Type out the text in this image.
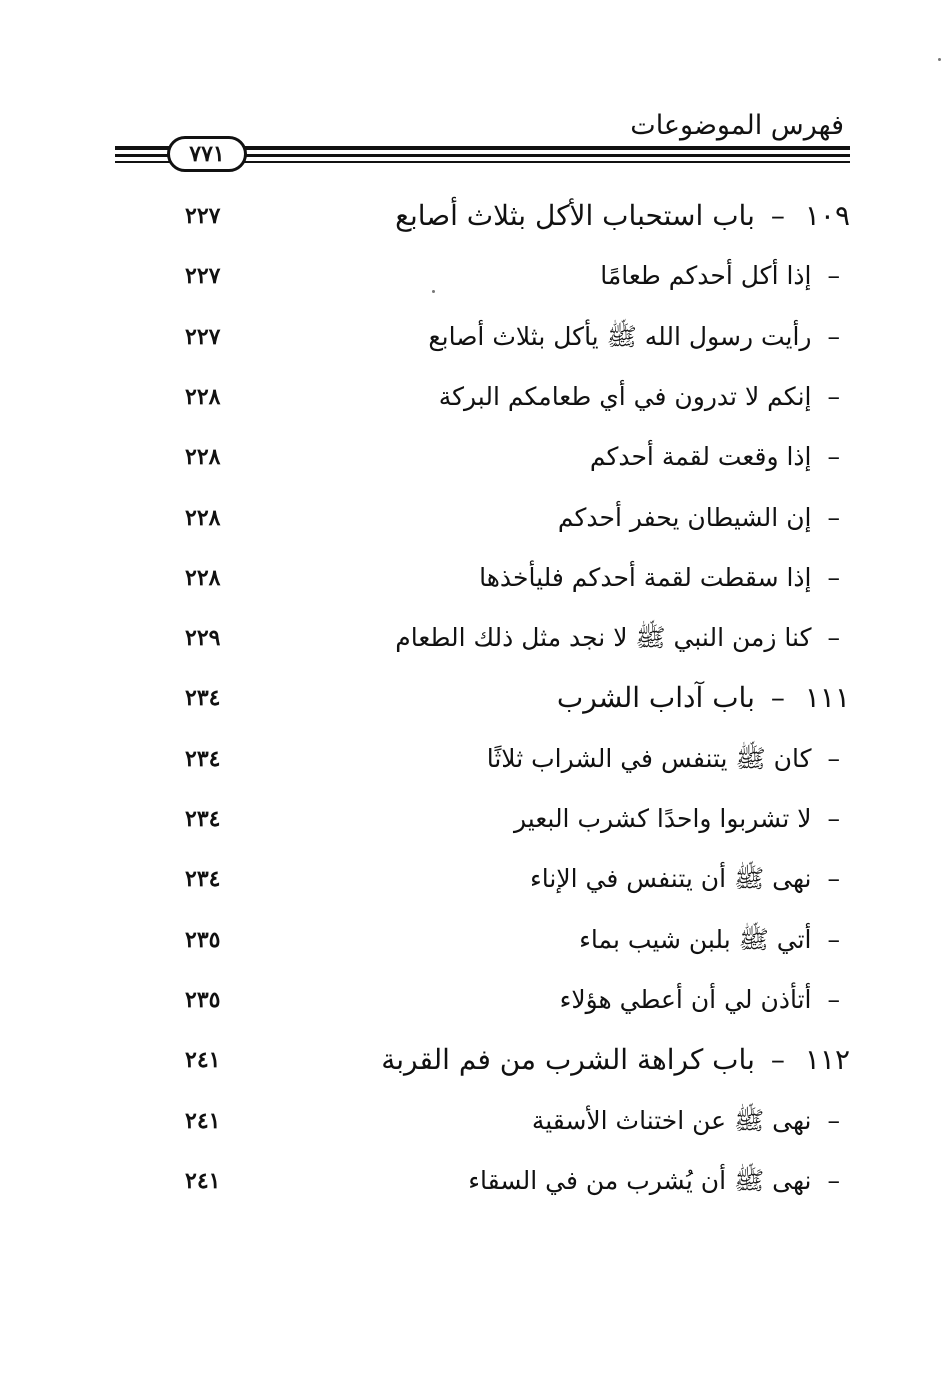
فهرس الموضوعات
٧٧١
١٠٩–باب استحباب الأكل بثلاث أصابع
٢٢٧
–إذا أكل أحدكم طعامًا
٢٢٧
–رأيت رسول الله ﷺ يأكل بثلاث أصابع
٢٢٧
–إنكم لا تدرون في أي طعامكم البركة
٢٢٨
–إذا وقعت لقمة أحدكم
٢٢٨
–إن الشيطان يحفر أحدكم
٢٢٨
–إذا سقطت لقمة أحدكم فليأخذها
٢٢٨
–كنا زمن النبي ﷺ لا نجد مثل ذلك الطعام
٢٢٩
١١١–باب آداب الشرب
٢٣٤
–كان ﷺ يتنفس في الشراب ثلاثًا
٢٣٤
–لا تشربوا واحدًا كشرب البعير
٢٣٤
–نهى ﷺ أن يتنفس في الإناء
٢٣٤
–أتي ﷺ بلبن شيب بماء
٢٣٥
–أتأذن لي أن أعطي هؤلاء
٢٣٥
١١٢–باب كراهة الشرب من فم القربة
٢٤١
–نهى ﷺ عن اختناث الأسقية
٢٤١
–نهى ﷺ أن يُشرب من في السقاء
٢٤١
